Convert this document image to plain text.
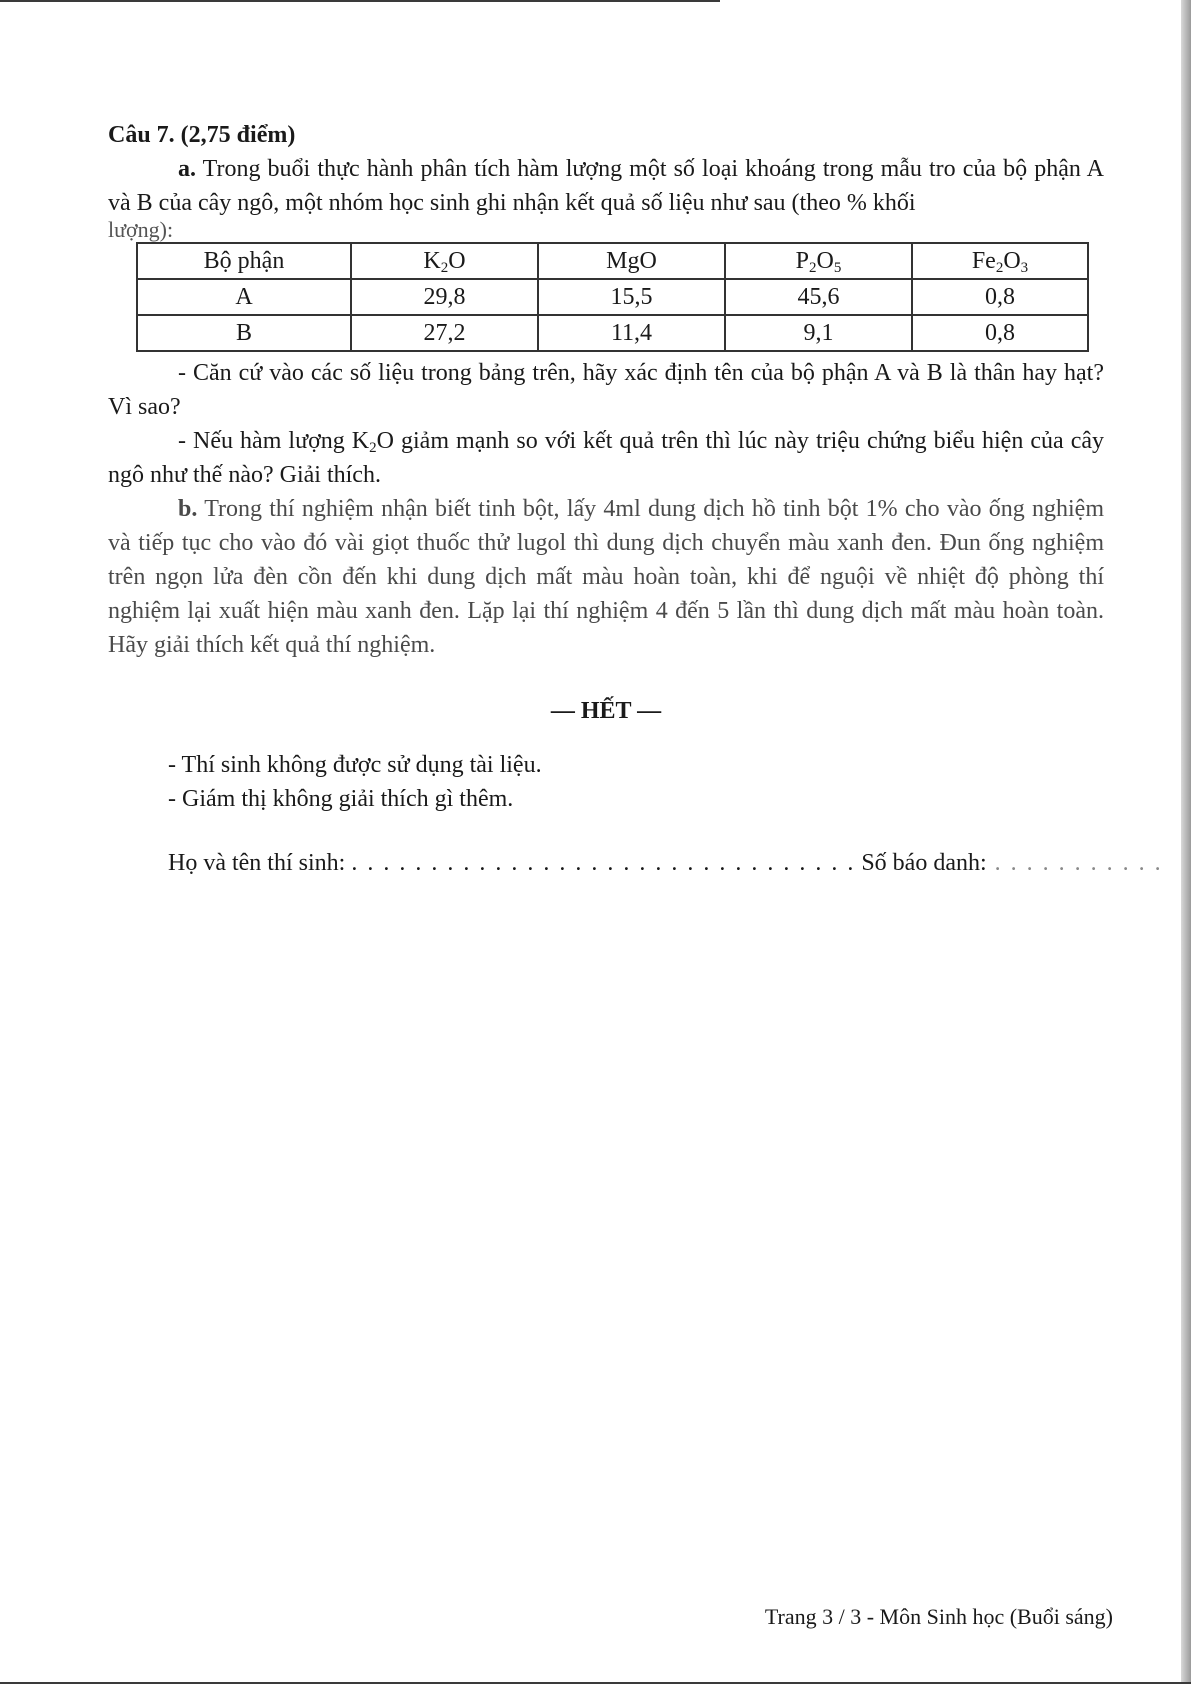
Câu 7. (2,75 điểm)

a. Trong buổi thực hành phân tích hàm lượng một số loại khoáng trong mẫu tro của bộ phận A và B của cây ngô, một nhóm học sinh ghi nhận kết quả số liệu như sau (theo % khối

lượng):

Bộ phận	$K_2O$	MgO	$P_2O_5$	$Fe_2O_3$
A	29,8	15,5	45,6	0,8
B	27,2	11,4	9,1	0,8

- Căn cứ vào các số liệu trong bảng trên, hãy xác định tên của bộ phận A và B là thân hay hạt? Vì sao?

- Nếu hàm lượng $K_2O$ giảm mạnh so với kết quả trên thì lúc này triệu chứng biểu hiện của cây ngô như thế nào? Giải thích.

b. Trong thí nghiệm nhận biết tinh bột, lấy 4ml dung dịch hồ tinh bột 1% cho vào ống nghiệm và tiếp tục cho vào đó vài giọt thuốc thử lugol thì dung dịch chuyển màu xanh đen. Đun ống nghiệm trên ngọn lửa đèn cồn đến khi dung dịch mất màu hoàn toàn, khi để nguội về nhiệt độ phòng thí nghiệm lại xuất hiện màu xanh đen. Lặp lại thí nghiệm 4 đến 5 lần thì dung dịch mất màu hoàn toàn. Hãy giải thích kết quả thí nghiệm.

— HẾT —

- Thí sinh không được sử dụng tài liệu.

- Giám thị không giải thích gì thêm.

Họ và tên thí sinh: . . . . . . . . . . . . . . . . . . . . . . . . . . . . . . . . Số báo danh: . . . . . . . . . . .
Trang 3 / 3 - Môn Sinh học (Buổi sáng)
